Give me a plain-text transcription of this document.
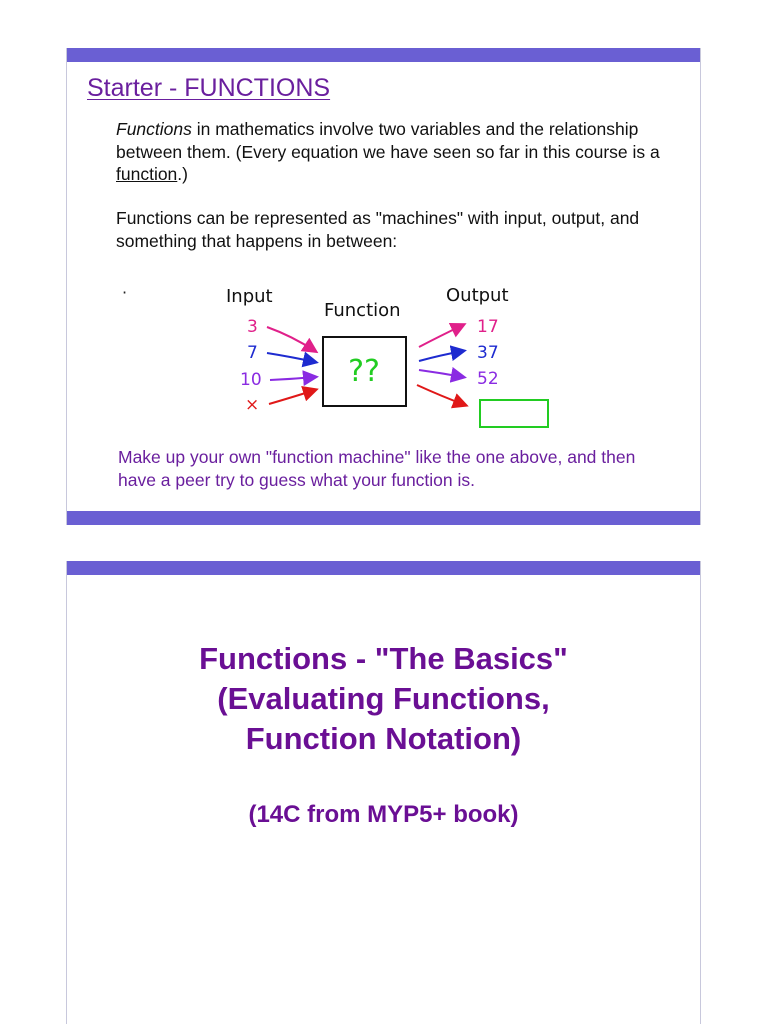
Starter - FUNCTIONS

Functions in mathematics involve two variables and the relationship between them. (Every equation we have seen so far in this course is a function.)

Functions can be represented as "machines" with input, output, and something that happens in between:

·	Input
Function
Output
3
7
10
×
??
17
37
52

Make up your own "function machine" like the one above, and then have a peer try to guess what your function is.

Functions - "The Basics"
(Evaluating Functions,
Function Notation)

(14C from MYP5+ book)
